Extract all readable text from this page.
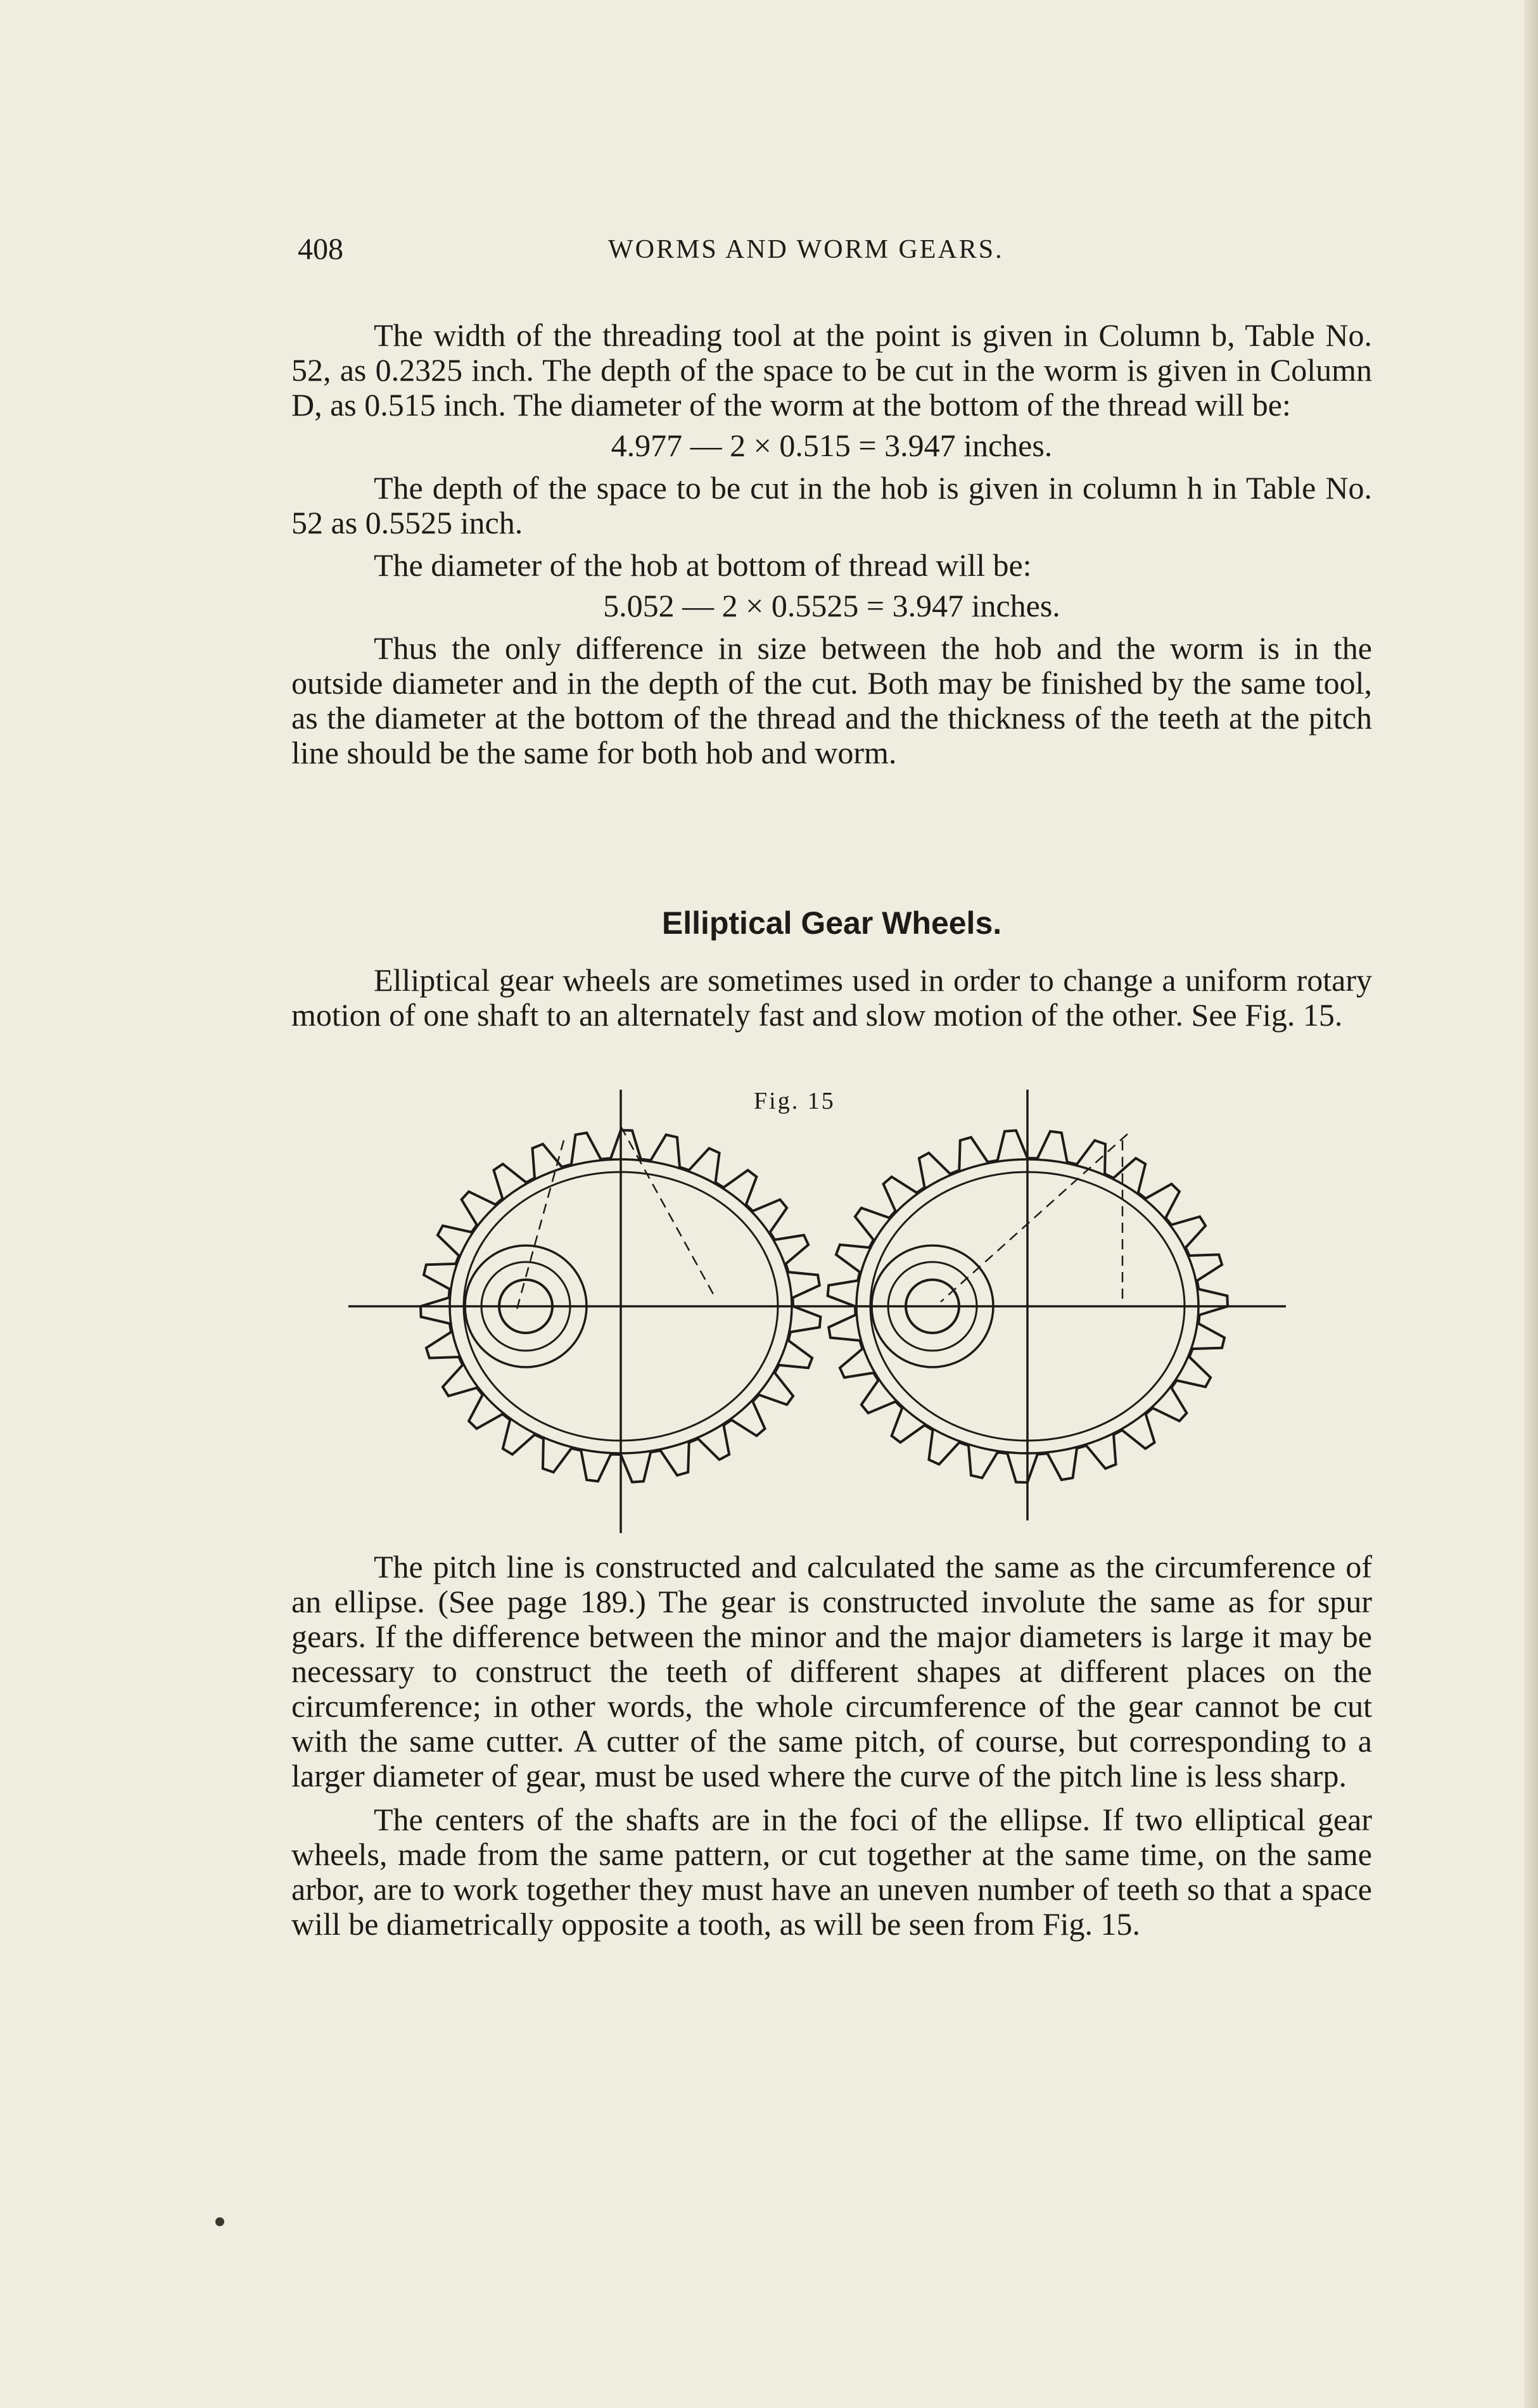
408	WORMS AND WORM GEARS.

The width of the threading tool at the point is given in Column b, Table No. 52, as 0.2325 inch. The depth of the space to be cut in the worm is given in Column D, as 0.515 inch. The diameter of the worm at the bottom of the thread will be:

4.977 — 2 × 0.515 = 3.947 inches.

The depth of the space to be cut in the hob is given in column h in Table No. 52 as 0.5525 inch.

The diameter of the hob at bottom of thread will be:

5.052 — 2 × 0.5525 = 3.947 inches.

Thus the only difference in size between the hob and the worm is in the outside diameter and in the depth of the cut. Both may be finished by the same tool, as the diameter at the bottom of the thread and the thickness of the teeth at the pitch line should be the same for both hob and worm.

Elliptical Gear Wheels.

Elliptical gear wheels are sometimes used in order to change a uniform rotary motion of one shaft to an alternately fast and slow motion of the other. See Fig. 15.

Fig. 15

The pitch line is constructed and calculated the same as the circumference of an ellipse. (See page 189.) The gear is constructed involute the same as for spur gears. If the difference between the minor and the major diameters is large it may be necessary to construct the teeth of different shapes at different places on the circumference; in other words, the whole circumference of the gear cannot be cut with the same cutter. A cutter of the same pitch, of course, but corresponding to a larger diameter of gear, must be used where the curve of the pitch line is less sharp.

The centers of the shafts are in the foci of the ellipse. If two elliptical gear wheels, made from the same pattern, or cut together at the same time, on the same arbor, are to work together they must have an uneven number of teeth so that a space will be diametrically opposite a tooth, as will be seen from Fig. 15.
